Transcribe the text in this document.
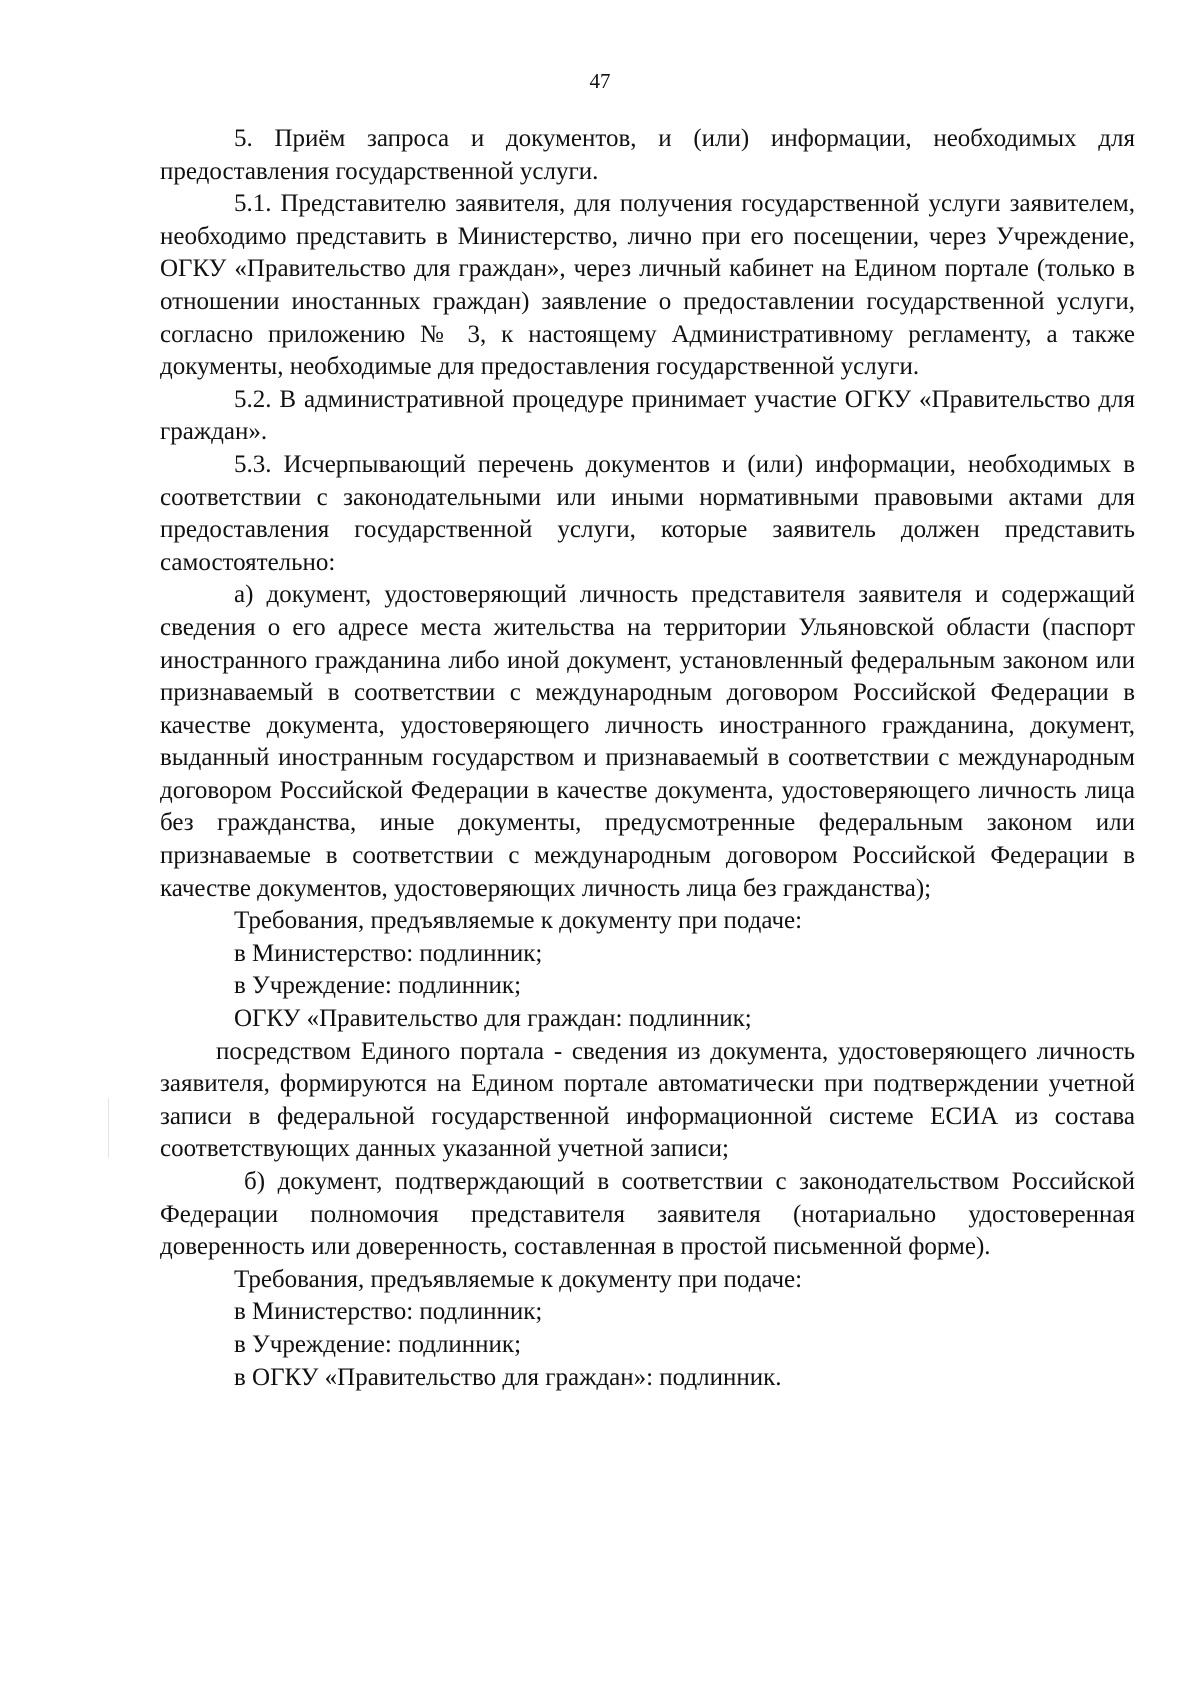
47

5. Приём запроса и документов, и (или) информации, необходимых для предоставления государственной услуги.

5.1. Представителю заявителя, для получения государственной услуги заявителем, необходимо представить в Министерство, лично при его посещении, через Учреждение, ОГКУ «Правительство для граждан», через личный кабинет на Едином портале (только в отношении иностанных граждан) заявление о предоставлении государственной услуги, согласно приложению № 3, к настоящему Административному регламенту, а также документы, необходимые для предоставления государственной услуги.

5.2. В административной процедуре принимает участие ОГКУ «Правительство для граждан».

5.3. Исчерпывающий перечень документов и (или) информации, необходимых в соответствии с законодательными или иными нормативными правовыми актами для предоставления государственной услуги, которые заявитель должен представить самостоятельно:

а) документ, удостоверяющий личность представителя заявителя и содержащий сведения о его адресе места жительства на территории Ульяновской области (паспорт иностранного гражданина либо иной документ, установленный федеральным законом или признаваемый в соответствии с международным договором Российской Федерации в качестве документа, удостоверяющего личность иностранного гражданина, документ, выданный иностранным государством и признаваемый в соответствии с международным договором Российской Федерации в качестве документа, удостоверяющего личность лица без гражданства, иные документы, предусмотренные федеральным законом или признаваемые в соответствии с международным договором Российской Федерации в качестве документов, удостоверяющих личность лица без гражданства);

Требования, предъявляемые к документу при подаче:

в Министерство: подлинник;

в Учреждение: подлинник;

ОГКУ «Правительство для граждан: подлинник;

посредством Единого портала - сведения из документа, удостоверяющего личность заявителя, формируются на Едином портале автоматически при подтверждении учетной записи в федеральной государственной информационной системе ЕСИА из состава соответствующих данных указанной учетной записи;

б) документ, подтверждающий в соответствии с законодательством Российской Федерации полномочия представителя заявителя (нотариально удостоверенная доверенность или доверенность, составленная в простой письменной форме).

Требования, предъявляемые к документу при подаче:

в Министерство: подлинник;

в Учреждение: подлинник;

в ОГКУ «Правительство для граждан»: подлинник.
